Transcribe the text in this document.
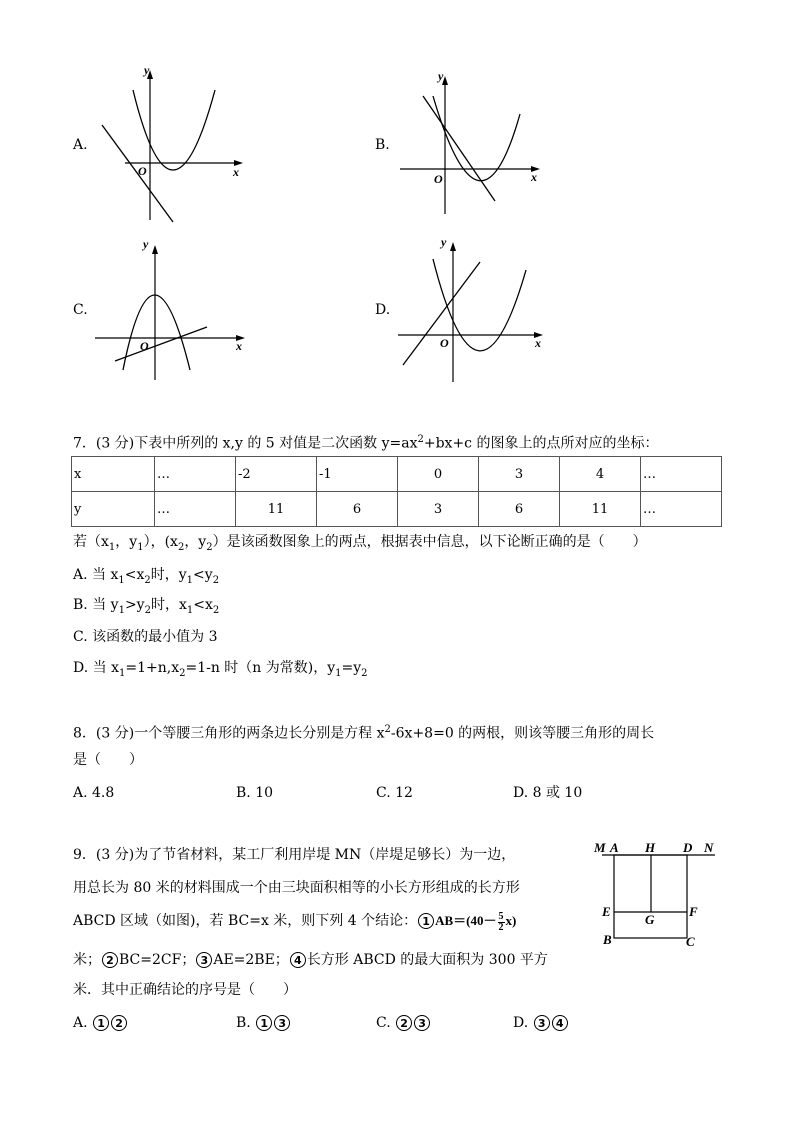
A.
y
x
O
B.
y
x
O
C.
y
x
O
D.
y
x
O
7．(3 分)下表中所列的 x,y 的 5 对值是二次函数 $y=ax^2+bx+c$ 的图象上的点所对应的坐标：
x	…	-2	-1	0	3	4	…
y	…	11	6	3	6	11	…
若（$x_1$，$y_1$），($x_2$，$y_2$）是该函数图象上的两点，根据表中信息，以下论断正确的是（　　）
A. 当 $x_1<x_2$时，$y_1<y_2$
B. 当 $y_1>y_2$时，$x_1<x_2$
C. 该函数的最小值为 3
D. 当 $x_1=1+n,x_2=1-n$ 时（n 为常数)，$y_1=y_2$
8．(3 分)一个等腰三角形的两条边长分别是方程 $x^2-6x+8=0$ 的两根，则该等腰三角形的周长
是（　　）
A. 4.8	B. 10	C. 12	D. 8 或 10
9．(3 分)为了节省材料，某工厂利用岸堤 MN（岸堤足够长）为一边，
用总长为 80 米的材料围成一个由三块面积相等的小长方形组成的长方形
ABCD 区域（如图)，若 BC=x 米，则下列 4 个结论： 1 $AB=(40- \frac{5}{2} x)$
米； 2 BC=2CF； 3 AE=2BE； 4 长方形 ABCD 的最大面积为 300 平方
米．其中正确结论的序号是（　　）
A. 1 2	B. 1 3	C. 2 3	D. 3 4
M A H D N
E
G
F
B	C
